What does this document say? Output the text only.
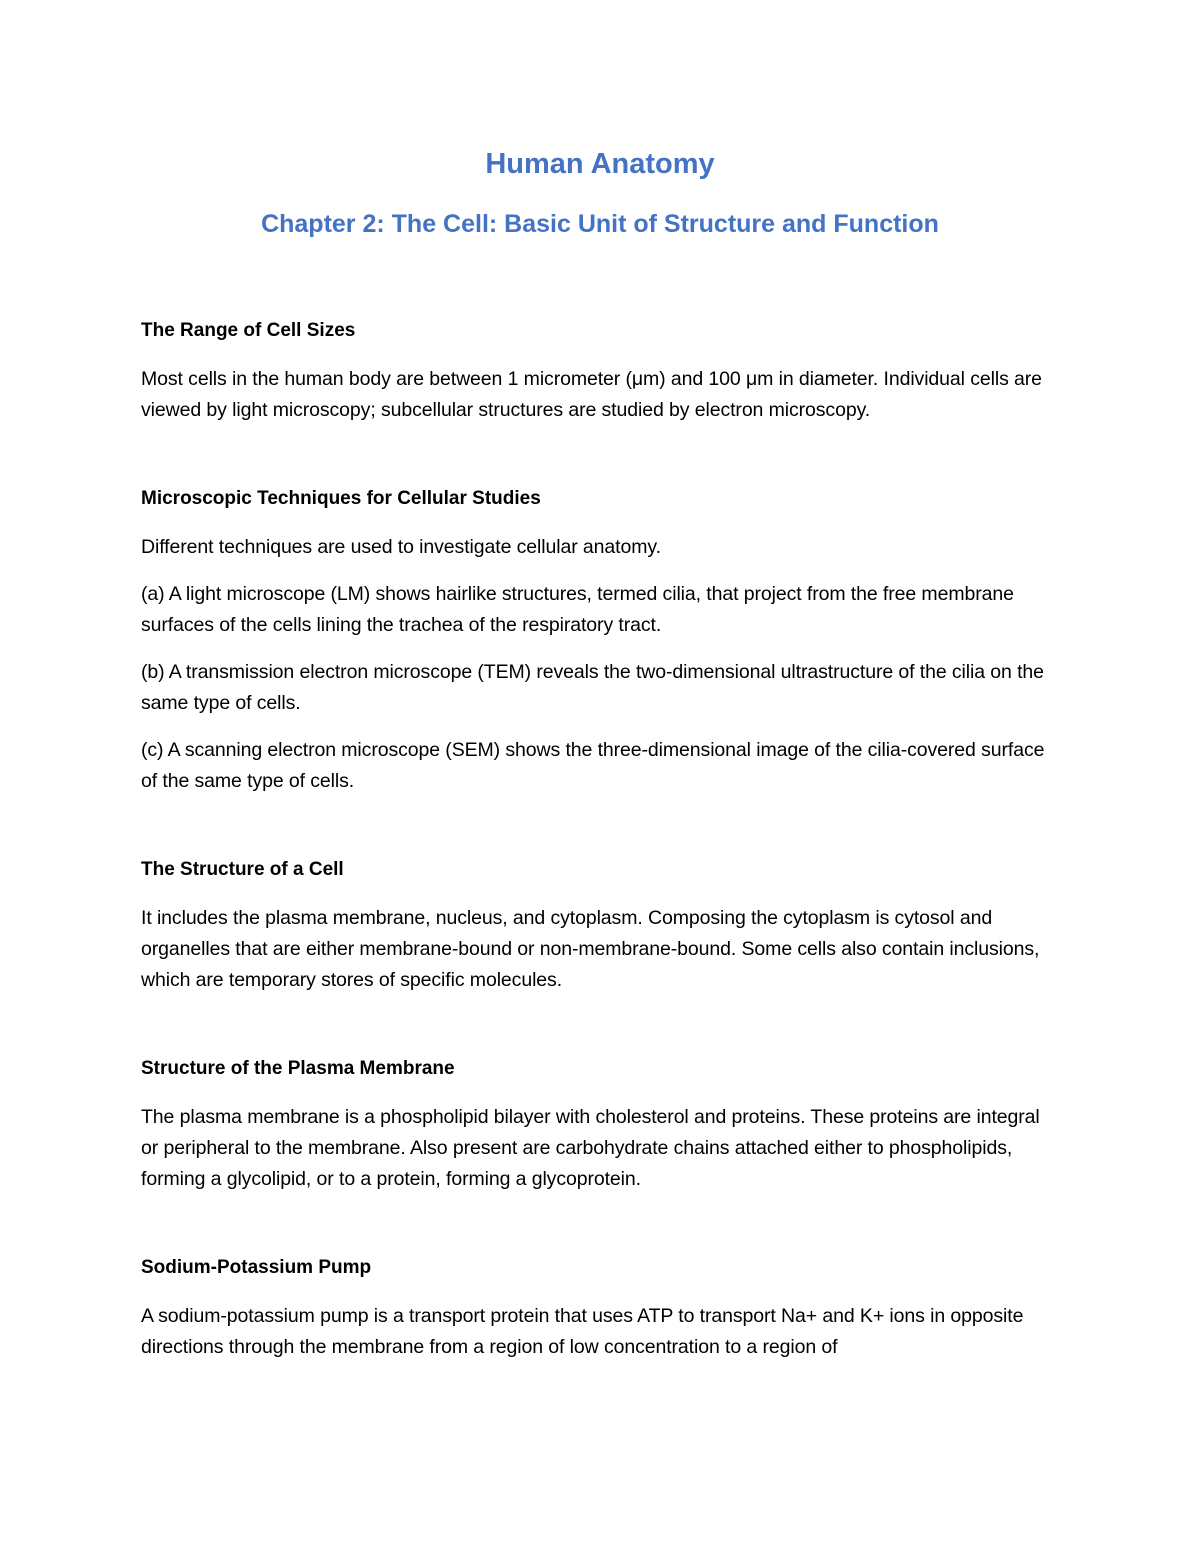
Human Anatomy
Chapter 2: The Cell: Basic Unit of Structure and Function

The Range of Cell Sizes

Most cells in the human body are between 1 micrometer (μm) and 100 μm in diameter. Individual cells are viewed by light microscopy; subcellular structures are studied by electron microscopy.

Microscopic Techniques for Cellular Studies

Different techniques are used to investigate cellular anatomy.

(a) A light microscope (LM) shows hairlike structures, termed cilia, that project from the free membrane surfaces of the cells lining the trachea of the respiratory tract.

(b) A transmission electron microscope (TEM) reveals the two-dimensional ultrastructure of the cilia on the same type of cells.

(c) A scanning electron microscope (SEM) shows the three-dimensional image of the cilia-covered surface of the same type of cells.

The Structure of a Cell

It includes the plasma membrane, nucleus, and cytoplasm. Composing the cytoplasm is cytosol and organelles that are either membrane-bound or non-membrane-bound. Some cells also contain inclusions, which are temporary stores of specific molecules.

Structure of the Plasma Membrane

The plasma membrane is a phospholipid bilayer with cholesterol and proteins. These proteins are integral or peripheral to the membrane. Also present are carbohydrate chains attached either to phospholipids, forming a glycolipid, or to a protein, forming a glycoprotein.

Sodium-Potassium Pump

A sodium-potassium pump is a transport protein that uses ATP to transport Na+ and K+ ions in opposite directions through the membrane from a region of low concentration to a region of
